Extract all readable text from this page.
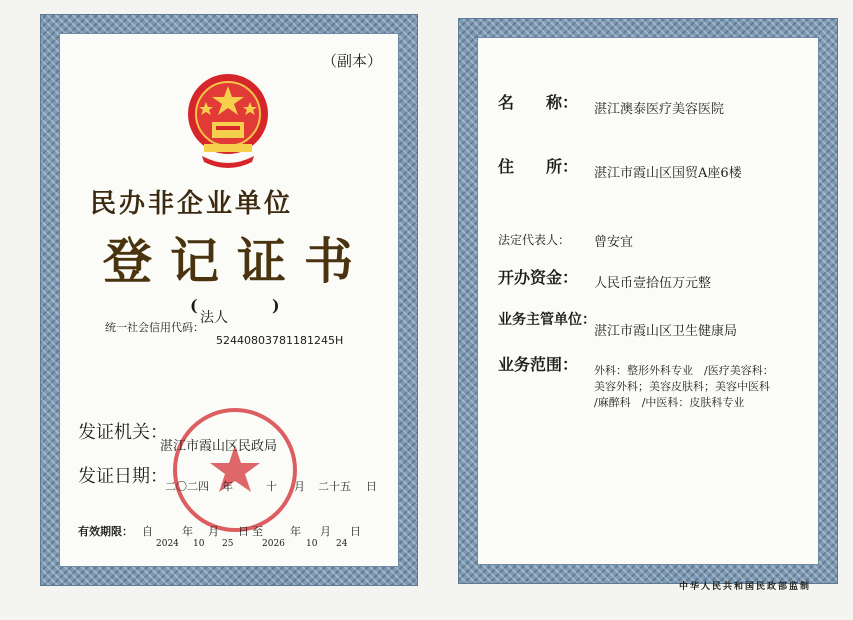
（副本）
民办非企业单位
登记证书
(	)
法人
统一社会信用代码：
52440803781181245H
发证机关：
湛江市霞山区民政局
发证日期：
二〇二四 年	十 月 二十五 日
有效期限： 自	年 月 日 至 年 月 日
2024 10 25	2026 10 24
名　　称： 湛江澳泰医疗美容医院
住　　所： 湛江市霞山区国贸A座6楼
法定代表人： 曾安宜
开办资金： 人民币壹拾伍万元整
业务主管单位：
湛江市霞山区卫生健康局
业务范围： 外科：整形外科专业　/医疗美容科：
美容外科；美容皮肤科；美容中医科
/麻醉科　/中医科：皮肤科专业
中华人民共和国民政部监制
